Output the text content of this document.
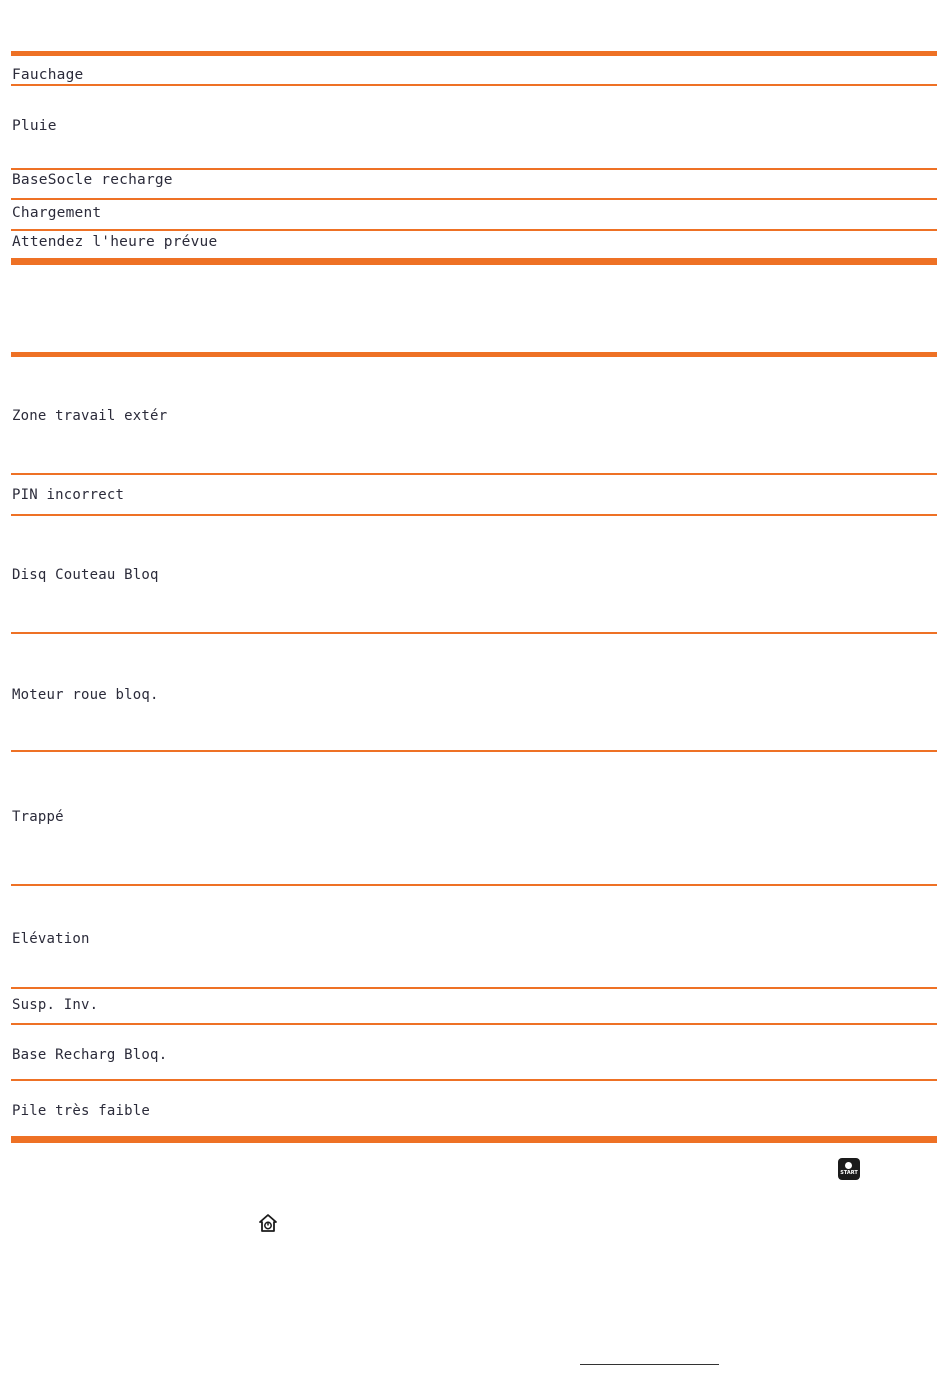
Fauchage
Pluie
BaseSocle recharge
Chargement
Attendez l'heure prévue
Zone travail extér
PIN incorrect
Disq Couteau Bloq
Moteur roue bloq.
Trappé
Elévation
Susp. Inv.
Base Recharg Bloq.
Pile très faible
START
